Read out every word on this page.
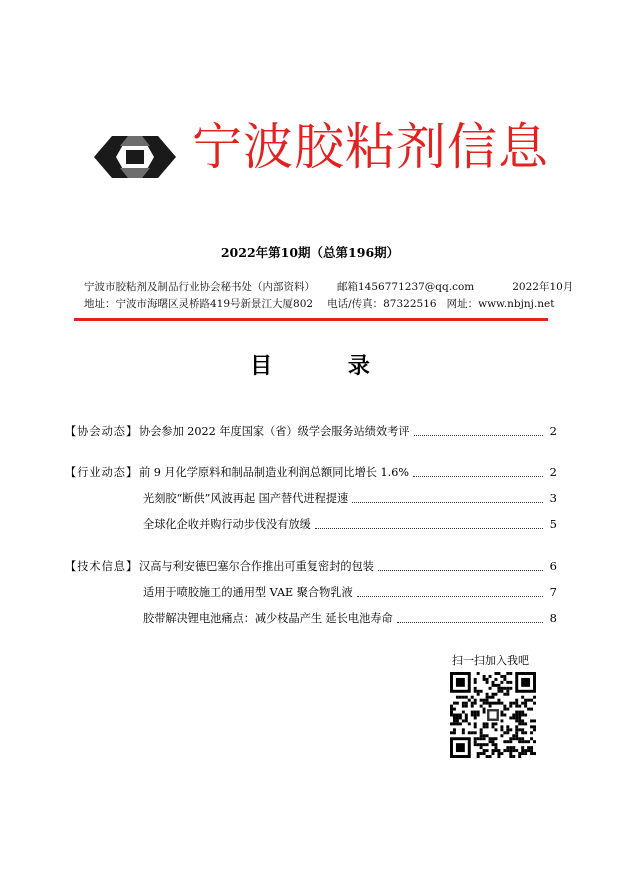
宁波胶粘剂信息
2022年第10期（总第196期）
宁波市胶粘剂及制品行业协会秘书处（内部资料） 邮箱1456771237@qq.com	2022年10月
地址：宁波市海曙区灵桥路419号新景江大厦802 电话/传真：87322516 网址：www.nbjnj.net
目 录
【协会动态】 协会参加 2022 年度国家（省）级学会服务站绩效考评	2
【行业动态】 前 9 月化学原料和制品制造业利润总额同比增长 1.6%	2
光刻胶“断供”风波再起 国产替代进程提速	3
全球化企收并购行动步伐没有放缓	5
【技术信息】 汉高与利安德巴塞尔合作推出可重复密封的包装	6
适用于喷胶施工的通用型 VAE 聚合物乳液	7
胶带解决锂电池痛点：减少枝晶产生 延长电池寿命	8
扫一扫加入我吧
